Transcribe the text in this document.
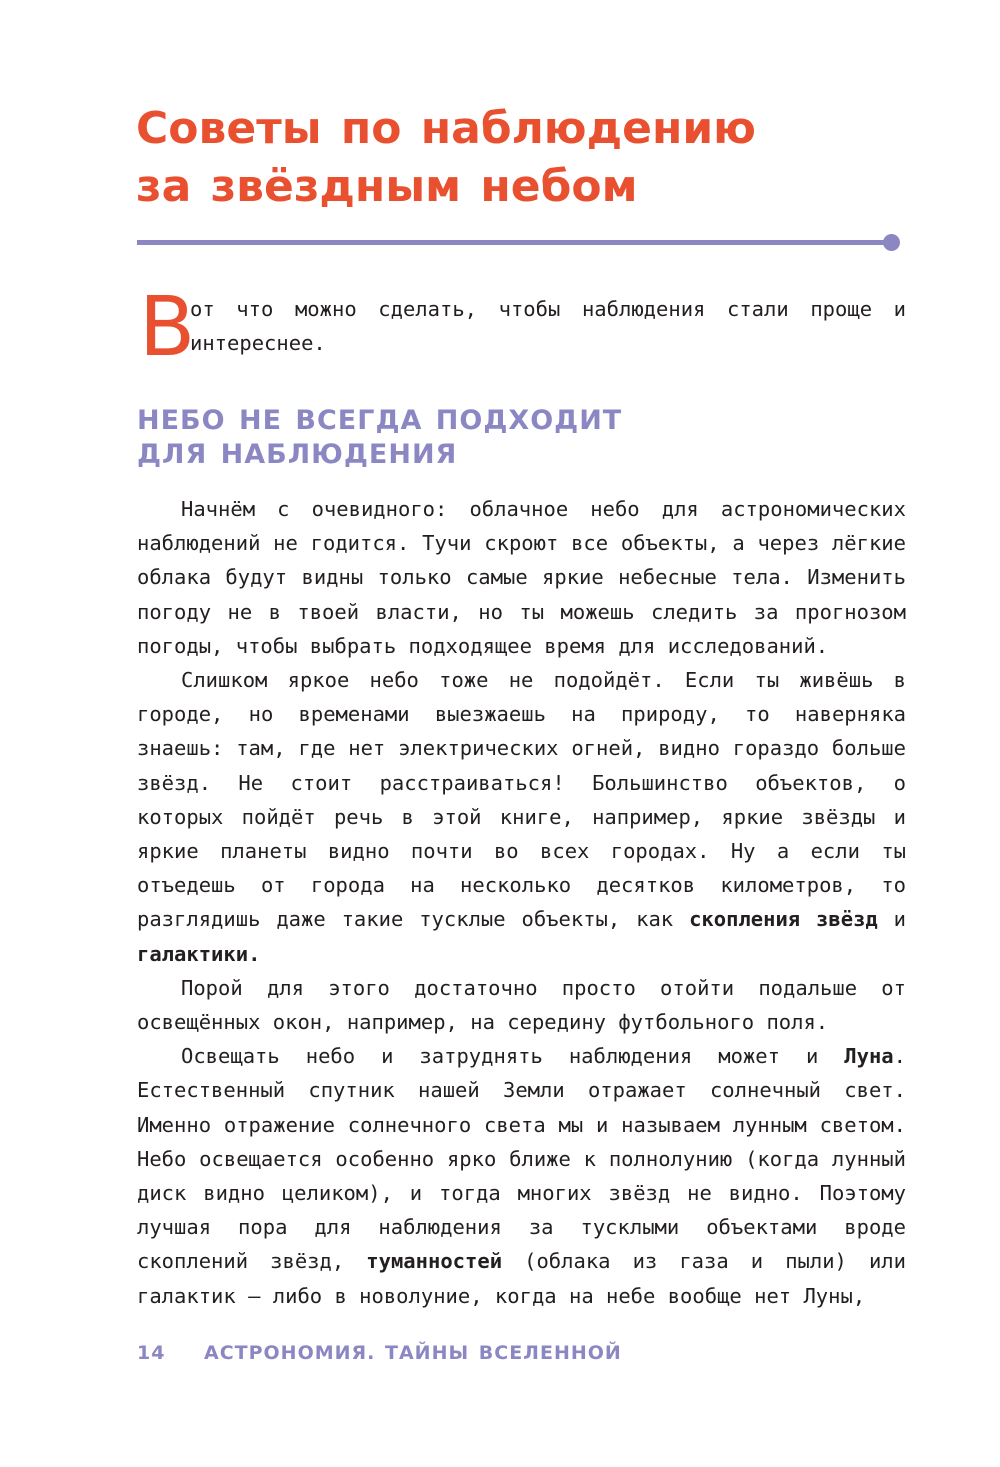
Советы по наблюдению
за звёздным небом
В

от что можно сделать, чтобы наблюдения стали проще и интереснее.

НЕБО НЕ ВСЕГДА ПОДХОДИТ
ДЛЯ НАБЛЮДЕНИЯ

Начнём с очевидного: облачное небо для астрономических наблюдений не годится. Тучи скроют все объекты, а через лёгкие облака будут видны только самые яркие небесные тела. Изменить погоду не в твоей власти, но ты можешь следить за прогнозом погоды, чтобы выбрать подходящее время для исследований.

Слишком яркое небо тоже не подойдёт. Если ты живёшь в городе, но временами выезжаешь на природу, то наверняка знаешь: там, где нет электрических огней, видно гораздо больше звёзд. Не стоит расстраиваться! Большинство объектов, о которых пойдёт речь в этой книге, например, яркие звёзды и яркие планеты видно почти во всех городах. Ну а если ты отъедешь от города на несколько десятков километров, то разглядишь даже такие тусклые объекты, как скопления звёзд и галактики.

Порой для этого достаточно просто отойти подальше от освещённых окон, например, на середину футбольного поля.

Освещать небо и затруднять наблюдения может и Луна. Естественный спутник нашей Земли отражает солнечный свет. Именно отражение солнечного света мы и называем лунным светом. Небо освещается особенно ярко ближе к полнолунию (когда лунный диск видно целиком), и тогда многих звёзд не видно. Поэтому лучшая пора для наблюдения за тусклыми объектами вроде скоплений звёзд, туманностей (облака из газа и пыли) или галактик — либо в новолуние, когда на небе вообще нет Луны,

14 АСТРОНОМИЯ. ТАЙНЫ ВСЕЛЕННОЙ
